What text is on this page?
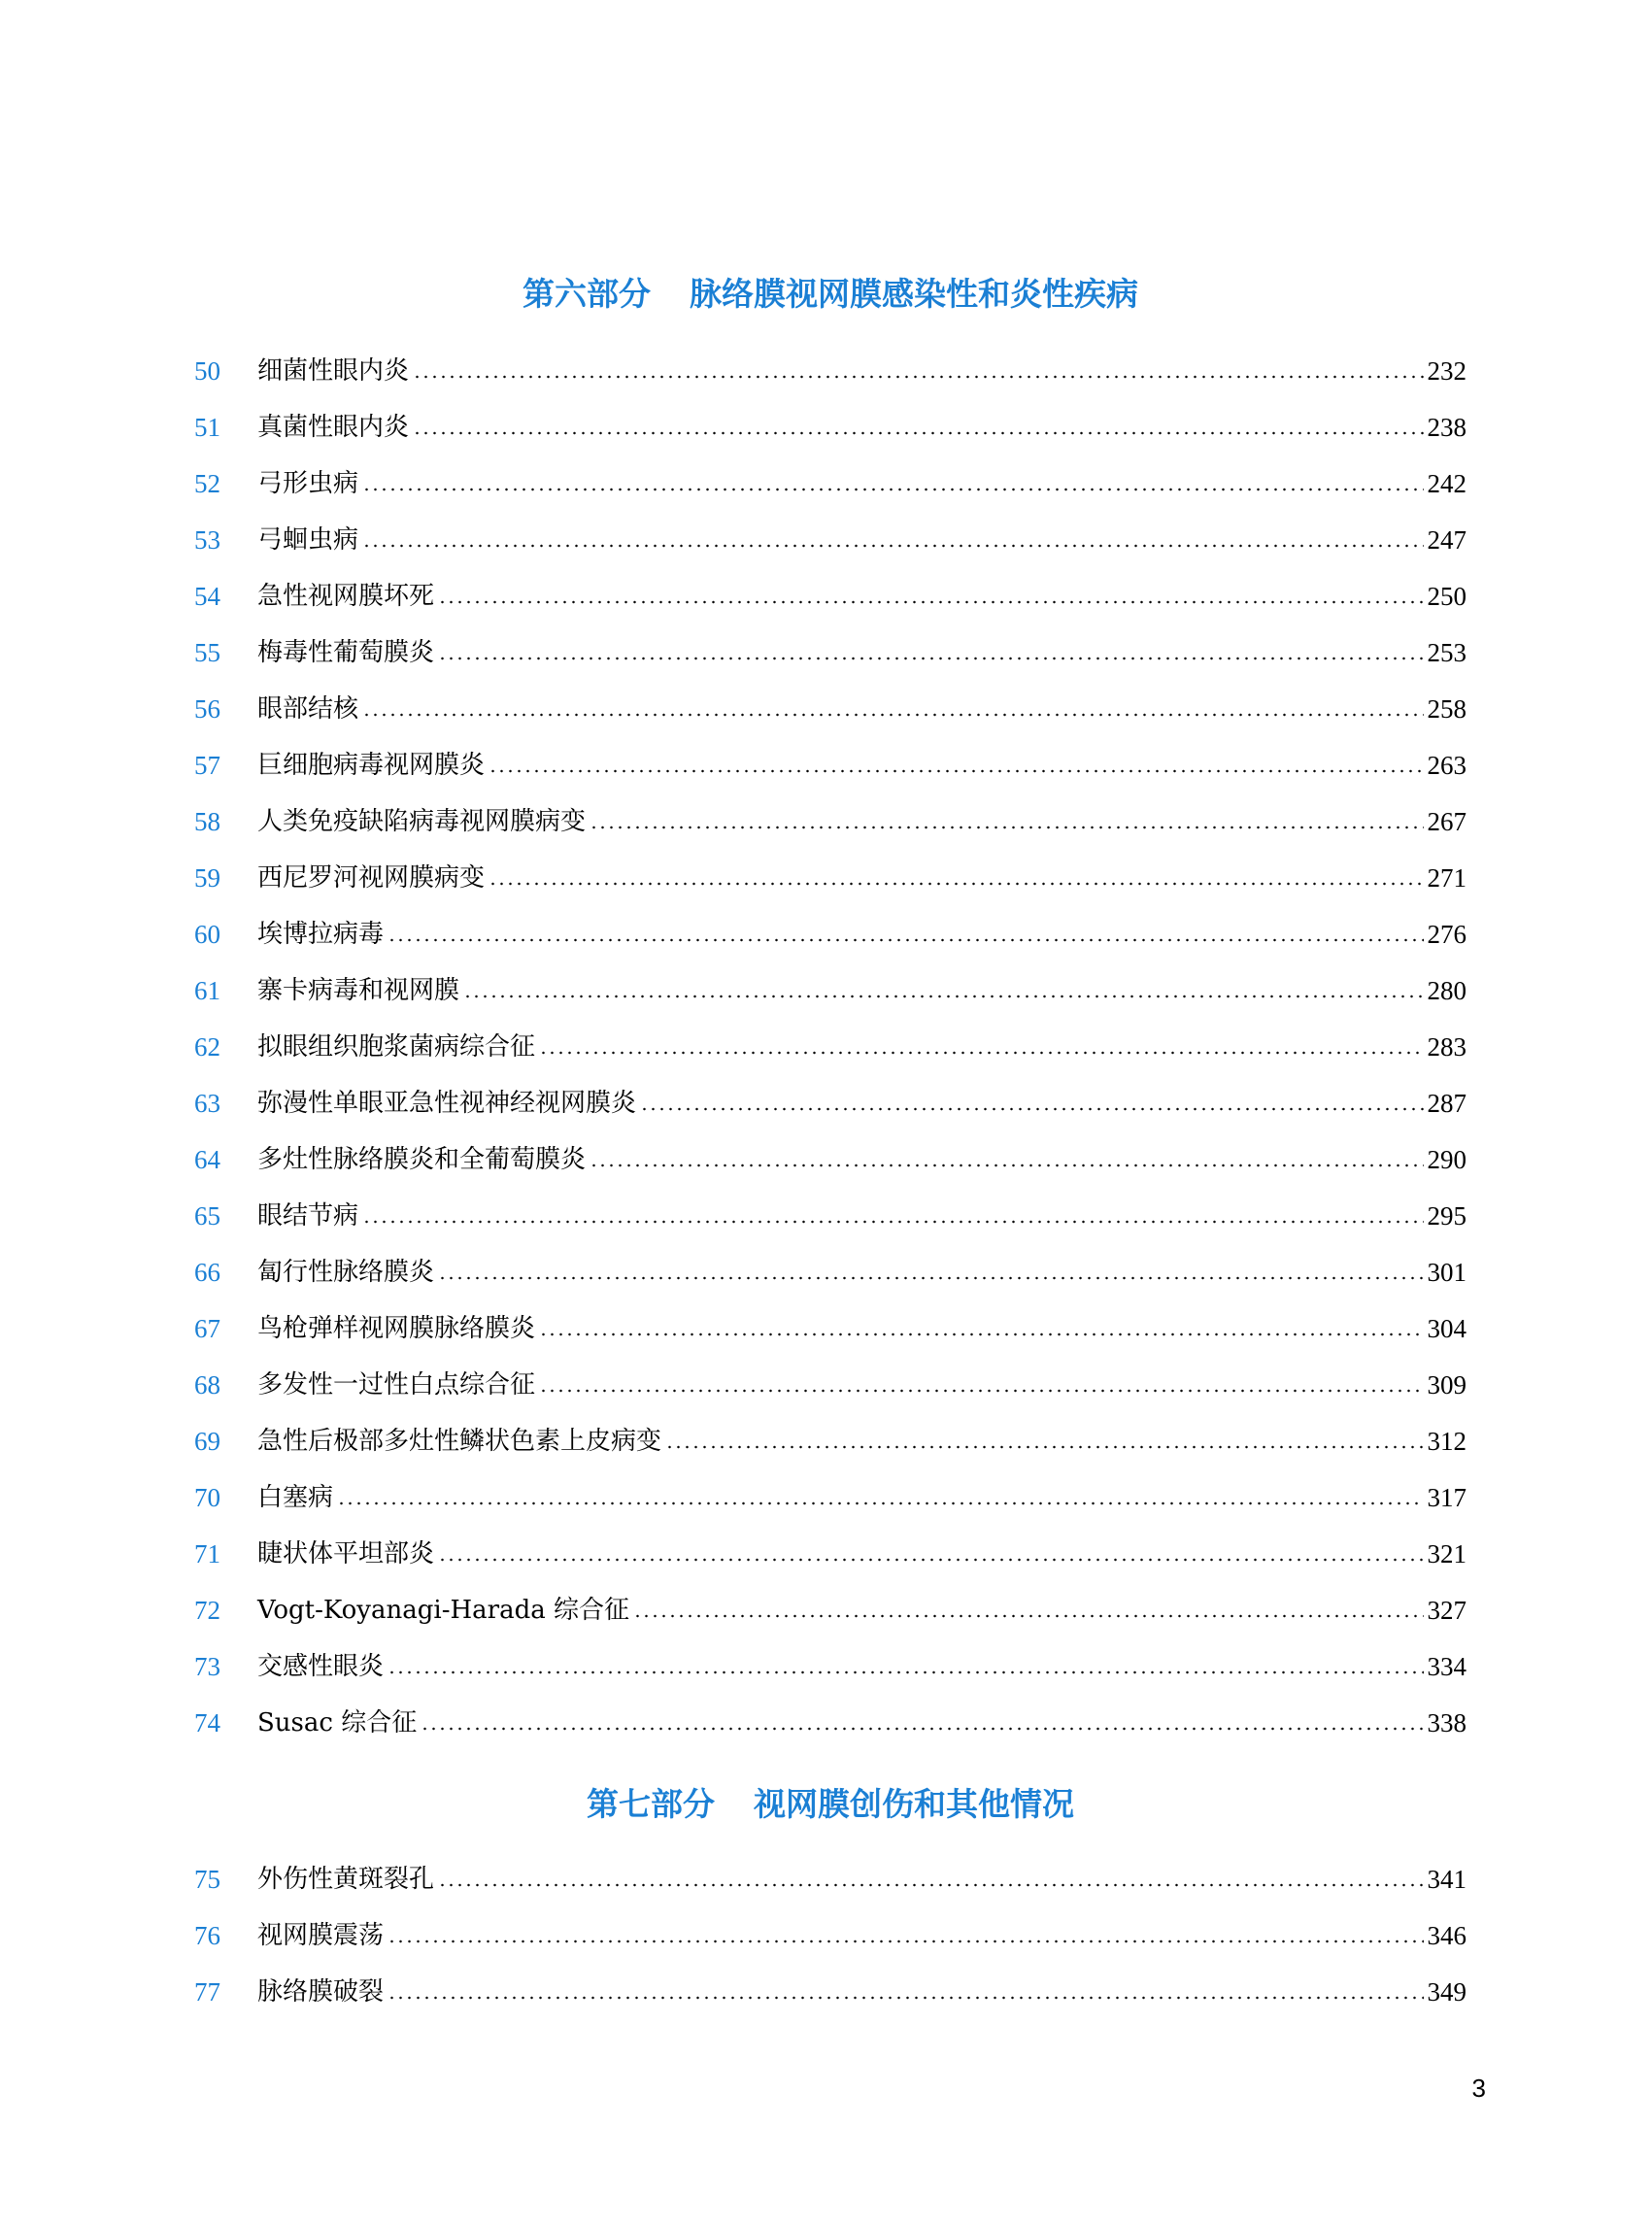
第六部分 脉络膜视网膜感染性和炎性疾病
50	细菌性眼内炎	232
51	真菌性眼内炎	238
52	弓形虫病	242
53	弓蛔虫病	247
54	急性视网膜坏死	250
55	梅毒性葡萄膜炎	253
56	眼部结核	258
57	巨细胞病毒视网膜炎	263
58	人类免疫缺陷病毒视网膜病变	267
59	西尼罗河视网膜病变	271
60	埃博拉病毒	276
61	寨卡病毒和视网膜	280
62	拟眼组织胞浆菌病综合征	283
63	弥漫性单眼亚急性视神经视网膜炎	287
64	多灶性脉络膜炎和全葡萄膜炎	290
65	眼结节病	295
66	匐行性脉络膜炎	301
67	鸟枪弹样视网膜脉络膜炎	304
68	多发性一过性白点综合征	309
69	急性后极部多灶性鳞状色素上皮病变	312
70	白塞病	317
71	睫状体平坦部炎	321
72	Vogt-Koyanagi-Harada 综合征	327
73	交感性眼炎	334
74	Susac 综合征	338
第七部分 视网膜创伤和其他情况
75	外伤性黄斑裂孔	341
76	视网膜震荡	346
77	脉络膜破裂	349
3
